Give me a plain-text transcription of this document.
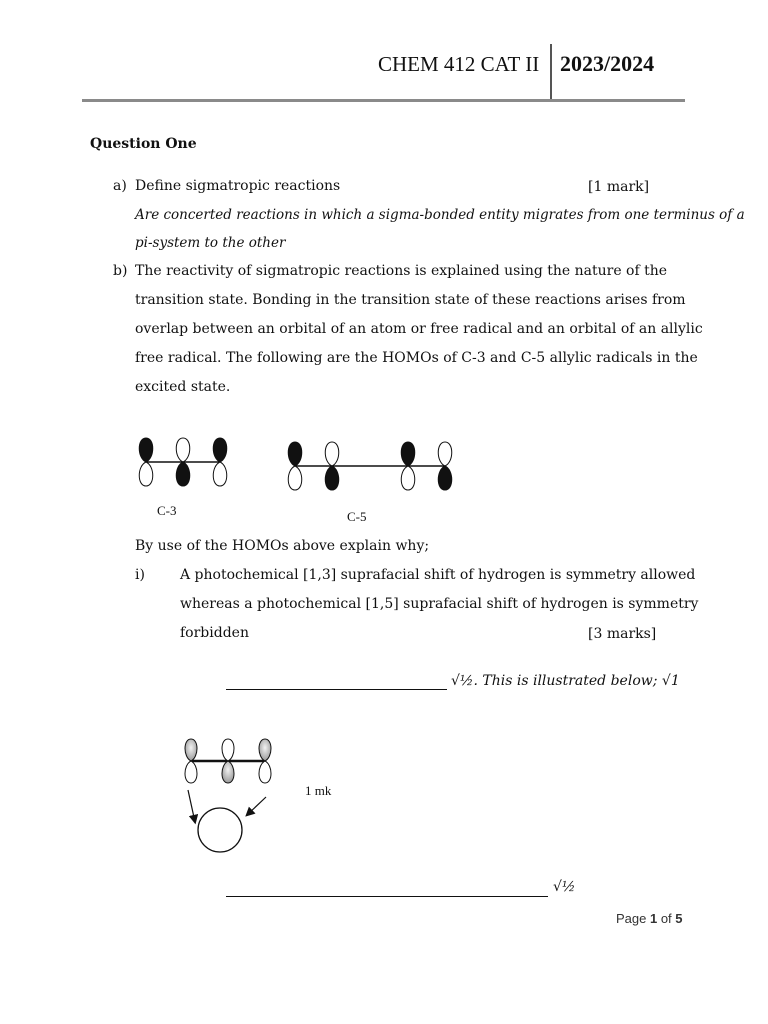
CHEM 412 CAT II 2023/2024
Question One
a) Define sigmatropic reactions	[1 mark]
Are concerted reactions in which a sigma-bonded entity migrates from one terminus of a
pi-system to the other
b) The reactivity of sigmatropic reactions is explained using the nature of the
transition state. Bonding in the transition state of these reactions arises from
overlap between an orbital of an atom or free radical and an orbital of an allylic
free radical. The following are the HOMOs of C-3 and C-5 allylic radicals in the
excited state.
C-3	C-5
By use of the HOMOs above explain why;
i)	A photochemical [1,3] suprafacial shift of hydrogen is symmetry allowed
whereas a photochemical [1,5] suprafacial shift of hydrogen is symmetry
forbidden	[3 marks]
√½. This is illustrated below; √1
1 mk
√½
Page 1 of 5
